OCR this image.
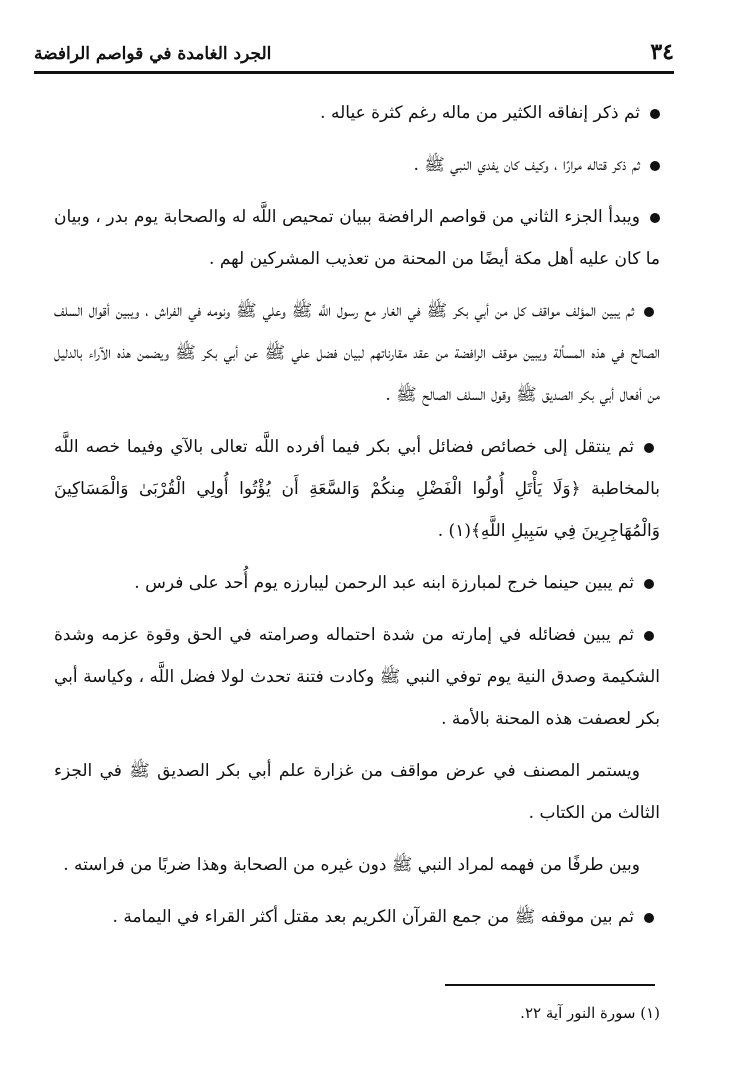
٣٤
الجرد الغامدة في قواصم الرافضة

ثم ذكر إنفاقه الكثير من ماله رغم كثرة عياله .

ثم ذكر قتاله مرارًا ، وكيف كان يفدي النبي ﷺ .

ويبدأ الجزء الثاني من قواصم الرافضة ببيان تمحيص اللَّه له والصحابة يوم بدر ، وبيان ما كان عليه أهل مكة أيضًا من المحنة من تعذيب المشركين لهم .

ثم يبين المؤلف مواقف كل من أبي بكر ﷺ في الغار مع رسول اللَّه ﷺ وعلي ﷺ ونومه في الفراش ، ويبين أقوال السلف الصالح في هذه المسألة ويبين موقف الرافضة من عقد مقارناتهم لبيان فضل علي ﷺ عن أبي بكر ﷺ ويضمن هذه الآراء بالدليل من أفعال أبي بكر الصديق ﷺ وقول السلف الصالح ﷺ .

ثم ينتقل إلى خصائص فضائل أبي بكر فيما أفرده اللَّه تعالى بالآي وفيما خصه اللَّه بالمخاطبة ﴿وَلَا يَأْتَلِ أُولُوا الْفَضْلِ مِنكُمْ وَالسَّعَةِ أَن يُؤْتُوا أُولِي الْقُرْبَىٰ وَالْمَسَاكِينَ وَالْمُهَاجِرِينَ فِي سَبِيلِ اللَّهِ﴾(١) .

ثم يبين حينما خرج لمبارزة ابنه عبد الرحمن ليبارزه يوم أُحد على فرس .

ثم يبين فضائله في إمارته من شدة احتماله وصرامته في الحق وقوة عزمه وشدة الشكيمة وصدق النية يوم توفي النبي ﷺ وكادت فتنة تحدث لولا فضل اللَّه ، وكياسة أبي بكر لعصفت هذه المحنة بالأمة .

ويستمر المصنف في عرض مواقف من غزارة علم أبي بكر الصديق ﷺ في الجزء الثالث من الكتاب .

وبين طرفًا من فهمه لمراد النبي ﷺ دون غيره من الصحابة وهذا ضربًا من فراسته .

ثم بين موقفه ﷺ من جمع القرآن الكريم بعد مقتل أكثر القراء في اليمامة .

(١) سورة النور آية ٢٢.
